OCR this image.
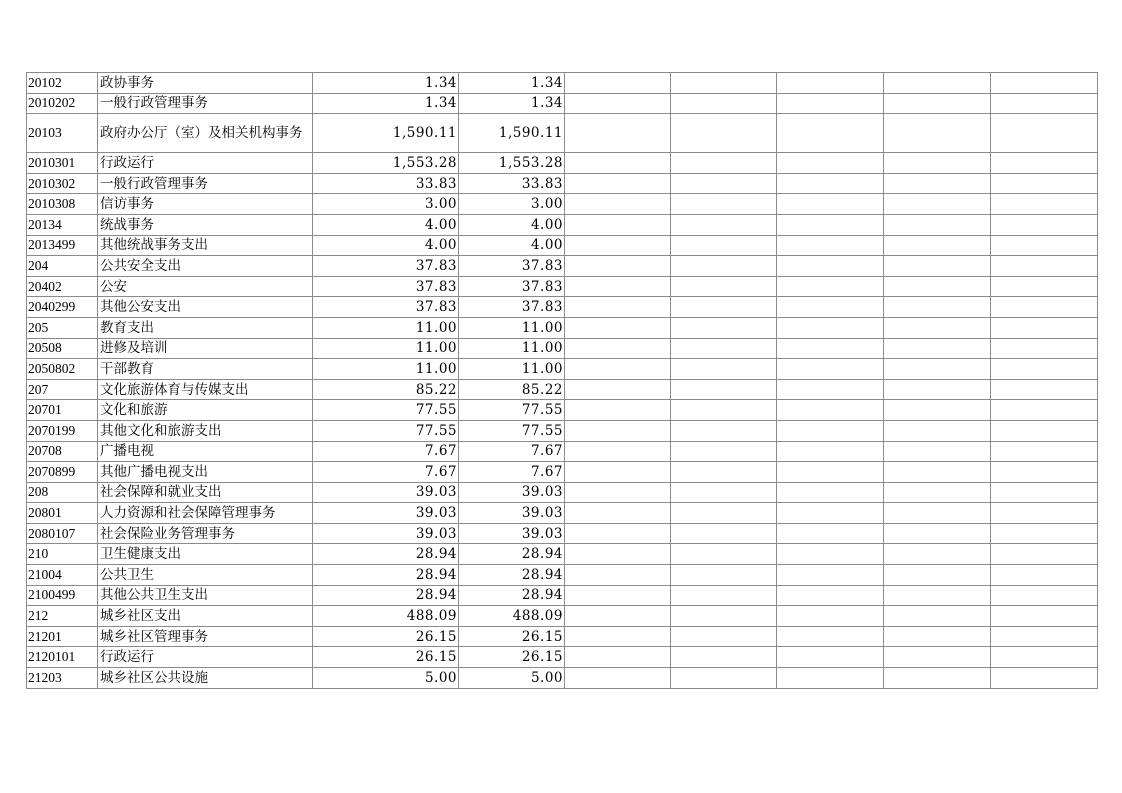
20102	政协事务	1.34	1.34					
2010202	一般行政管理事务	1.34	1.34					
20103	政府办公厅（室）及相关机构事务	1,590.11	1,590.11					
2010301	行政运行	1,553.28	1,553.28					
2010302	一般行政管理事务	33.83	33.83					
2010308	信访事务	3.00	3.00					
20134	统战事务	4.00	4.00					
2013499	其他统战事务支出	4.00	4.00					
204	公共安全支出	37.83	37.83					
20402	公安	37.83	37.83					
2040299	其他公安支出	37.83	37.83					
205	教育支出	11.00	11.00					
20508	进修及培训	11.00	11.00					
2050802	干部教育	11.00	11.00					
207	文化旅游体育与传媒支出	85.22	85.22					
20701	文化和旅游	77.55	77.55					
2070199	其他文化和旅游支出	77.55	77.55					
20708	广播电视	7.67	7.67					
2070899	其他广播电视支出	7.67	7.67					
208	社会保障和就业支出	39.03	39.03					
20801	人力资源和社会保障管理事务	39.03	39.03					
2080107	社会保险业务管理事务	39.03	39.03					
210	卫生健康支出	28.94	28.94					
21004	公共卫生	28.94	28.94					
2100499	其他公共卫生支出	28.94	28.94					
212	城乡社区支出	488.09	488.09					
21201	城乡社区管理事务	26.15	26.15					
2120101	行政运行	26.15	26.15					
21203	城乡社区公共设施	5.00	5.00					
